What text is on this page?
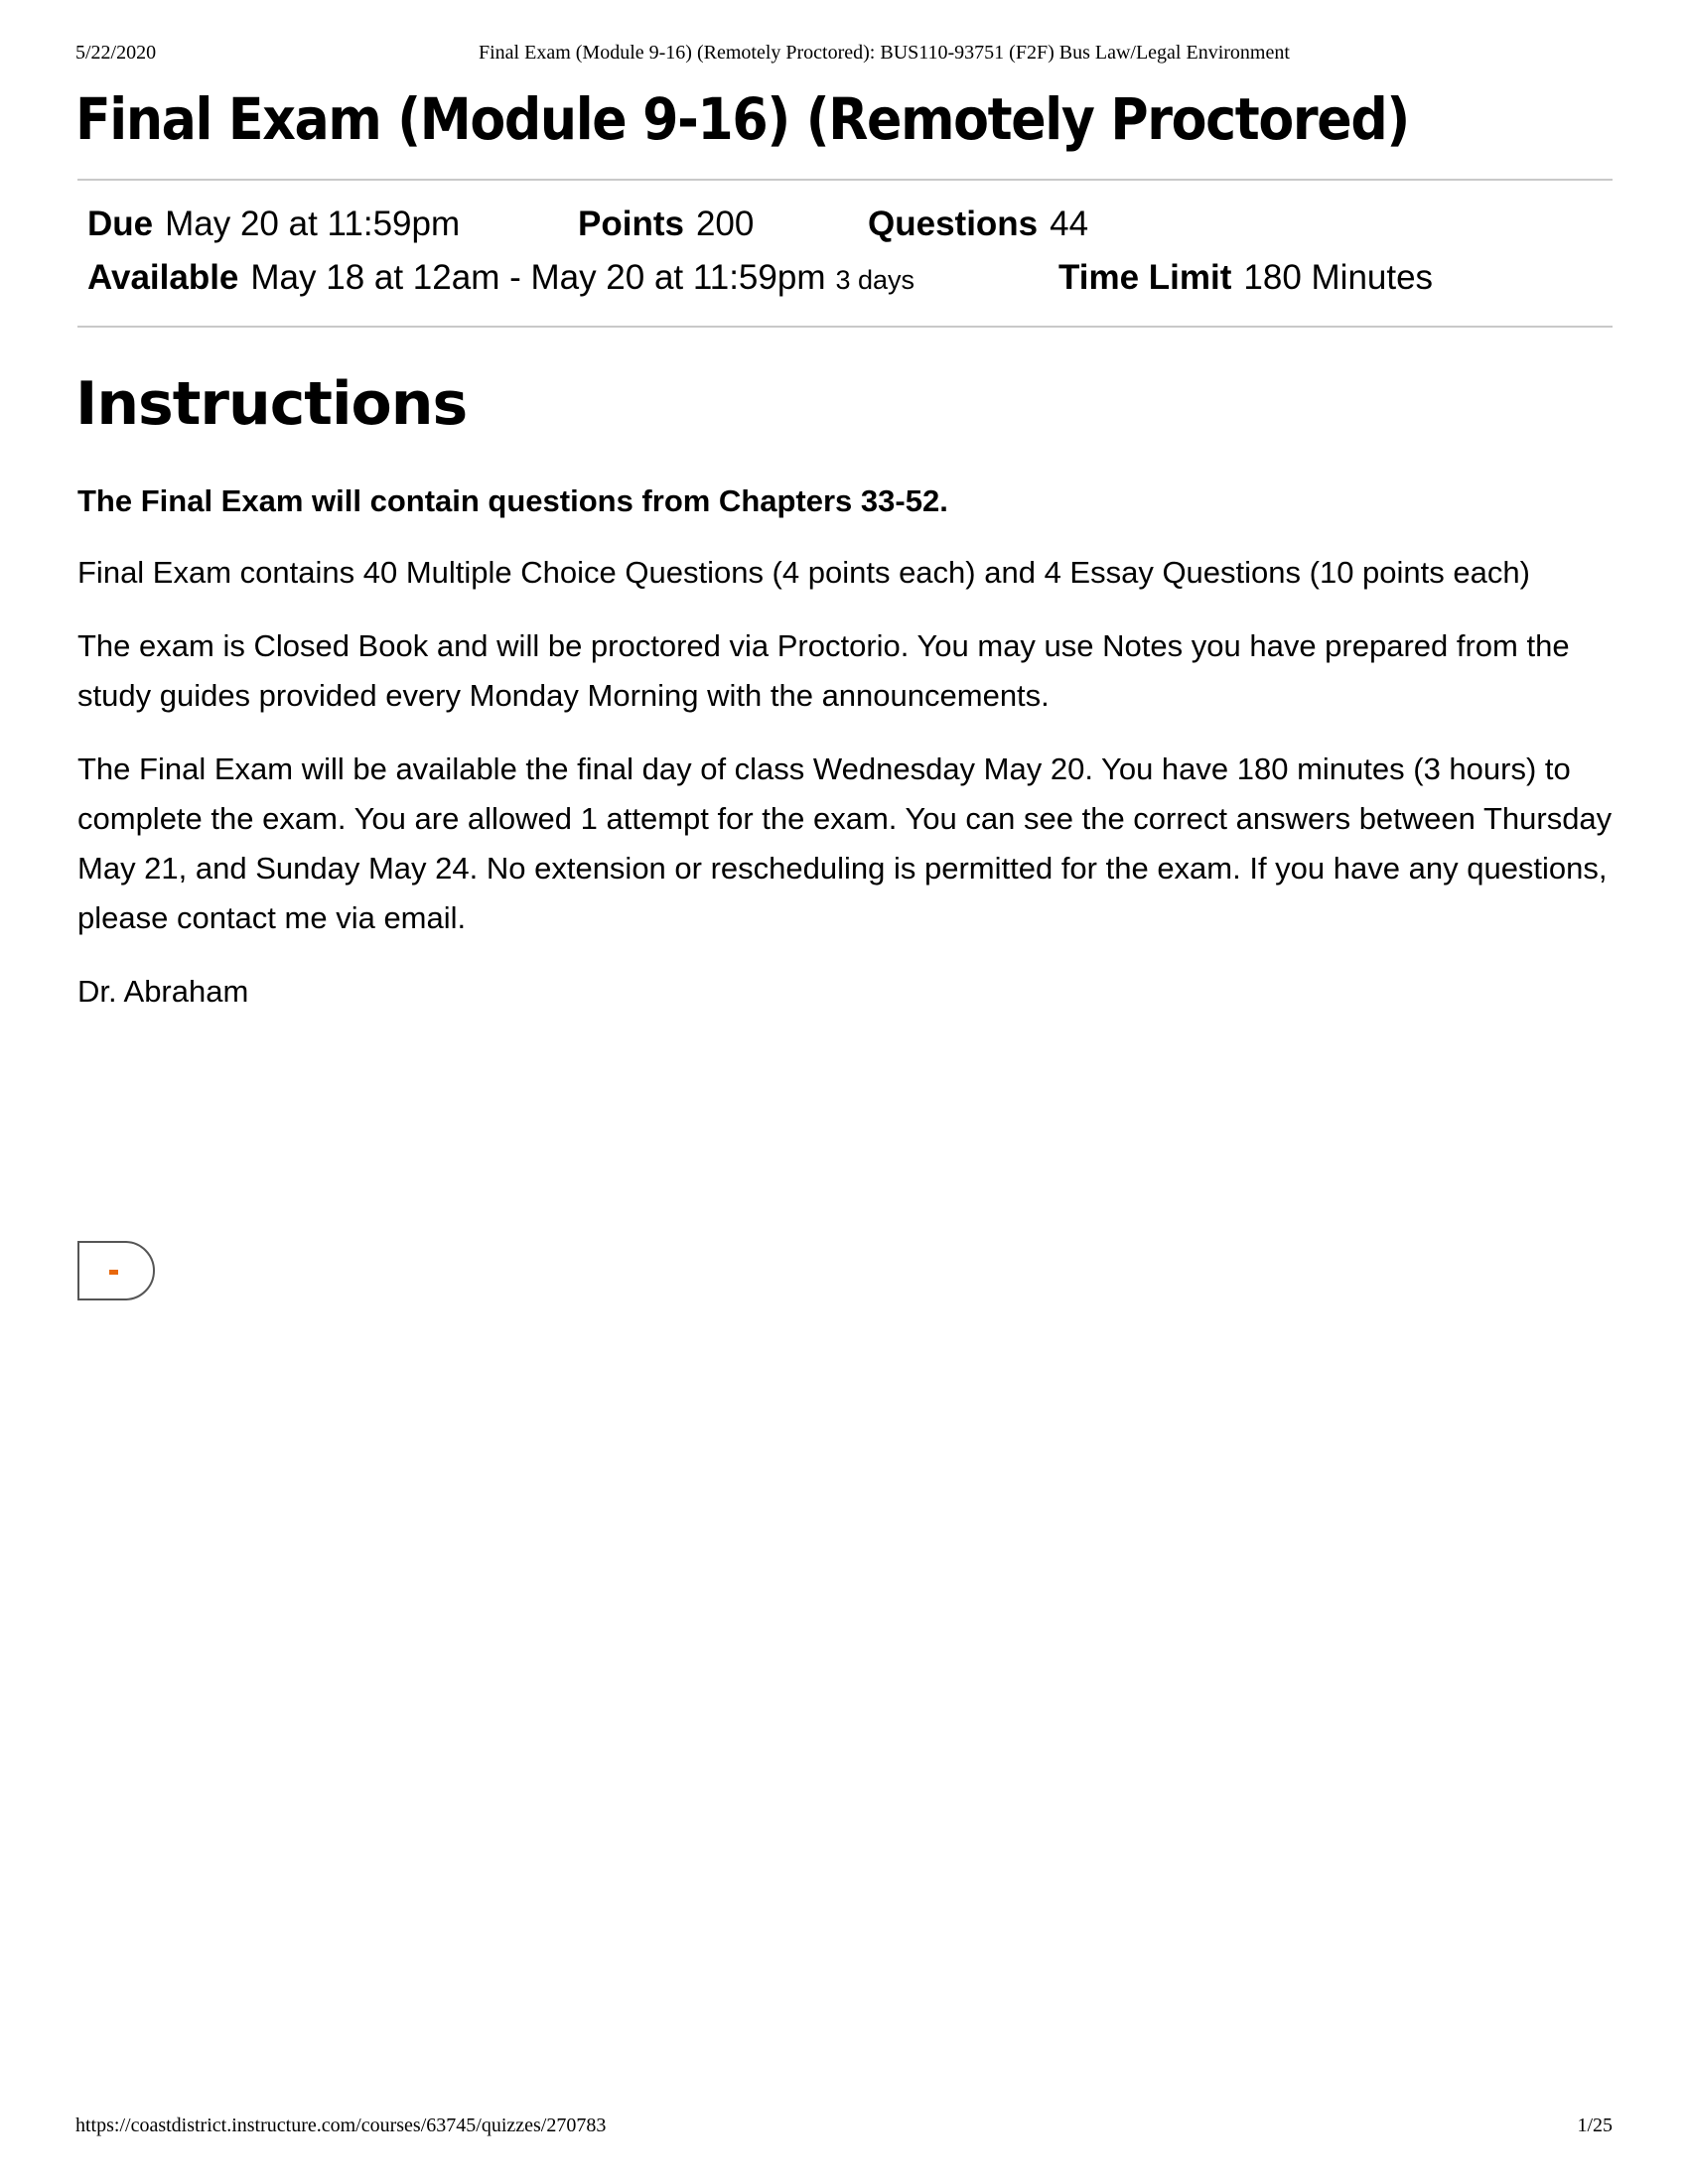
5/22/2020	Final Exam (Module 9-16) (Remotely Proctored): BUS110-93751 (F2F) Bus Law/Legal Environment
Final Exam (Module 9-16) (Remotely Proctored)
Due May 20 at 11:59pm	Points 200	Questions 44
Available May 18 at 12am - May 20 at 11:59pm 3 days	Time Limit 180 Minutes
Instructions

The Final Exam will contain questions from Chapters 33-52.

Final Exam contains 40 Multiple Choice Questions (4 points each) and 4 Essay Questions (10 points each)

The exam is Closed Book and will be proctored via Proctorio. You may use Notes you have prepared from the study guides provided every Monday Morning with the announcements.

The Final Exam will be available the final day of class Wednesday May 20. You have 180 minutes (3 hours) to complete the exam. You are allowed 1 attempt for the exam. You can see the correct answers between Thursday May 21, and Sunday May 24. No extension or rescheduling is permitted for the exam. If you have any questions, please contact me via email.

Dr. Abraham

https://coastdistrict.instructure.com/courses/63745/quizzes/270783	1/25
